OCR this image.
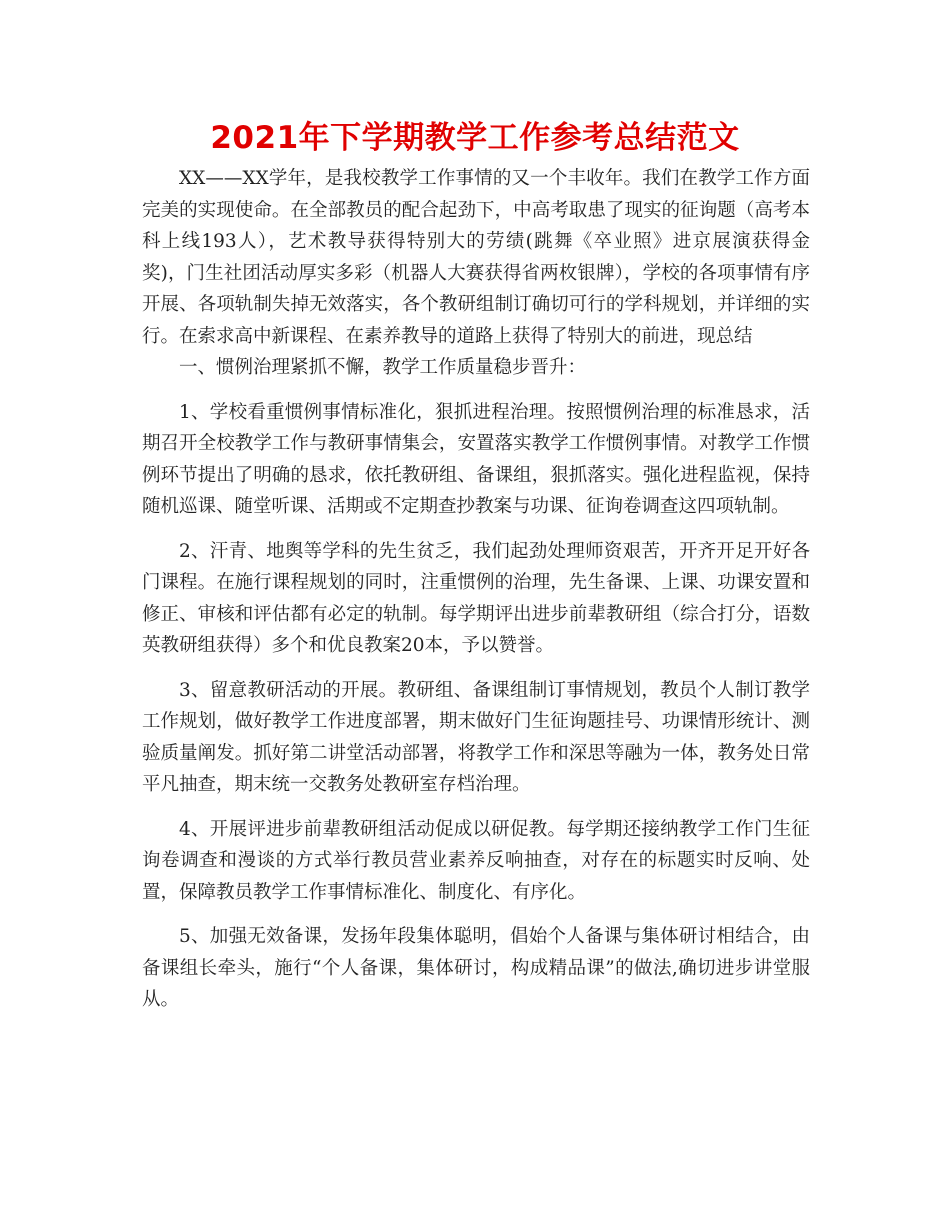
2021年下学期教学工作参考总结范文

XX——XX学年，是我校教学工作事情的又一个丰收年。我们在教学工作方面完美的实现使命。在全部教员的配合起劲下，中高考取患了现实的征询题（高考本科上线193人），艺术教导获得特别大的劳绩(跳舞《卒业照》进京展演获得金奖)，门生社团活动厚实多彩（机器人大赛获得省两枚银牌），学校的各项事情有序开展、各项轨制失掉无效落实，各个教研组制订确切可行的学科规划，并详细的实行。在索求高中新课程、在素养教导的道路上获得了特别大的前进，现总结

一、惯例治理紧抓不懈，教学工作质量稳步晋升：

1、学校看重惯例事情标准化，狠抓进程治理。按照惯例治理的标准恳求，活期召开全校教学工作与教研事情集会，安置落实教学工作惯例事情。对教学工作惯例环节提出了明确的恳求，依托教研组、备课组，狠抓落实。强化进程监视，保持随机巡课、随堂听课、活期或不定期查抄教案与功课、征询卷调查这四项轨制。

2、汗青、地舆等学科的先生贫乏，我们起劲处理师资艰苦，开齐开足开好各门课程。在施行课程规划的同时，注重惯例的治理，先生备课、上课、功课安置和修正、审核和评估都有必定的轨制。每学期评出进步前辈教研组（综合打分，语数英教研组获得）多个和优良教案20本，予以赞誉。

3、留意教研活动的开展。教研组、备课组制订事情规划，教员个人制订教学工作规划，做好教学工作进度部署，期末做好门生征询题挂号、功课情形统计、测验质量阐发。抓好第二讲堂活动部署，将教学工作和深思等融为一体，教务处日常平凡抽查，期末统一交教务处教研室存档治理。

4、开展评进步前辈教研组活动促成以研促教。每学期还接纳教学工作门生征询卷调查和漫谈的方式举行教员营业素养反响抽查，对存在的标题实时反响、处置，保障教员教学工作事情标准化、制度化、有序化。

5、加强无效备课，发扬年段集体聪明，倡始个人备课与集体研讨相结合，由备课组长牵头，施行“个人备课，集体研讨，构成精品课”的做法,确切进步讲堂服从。
